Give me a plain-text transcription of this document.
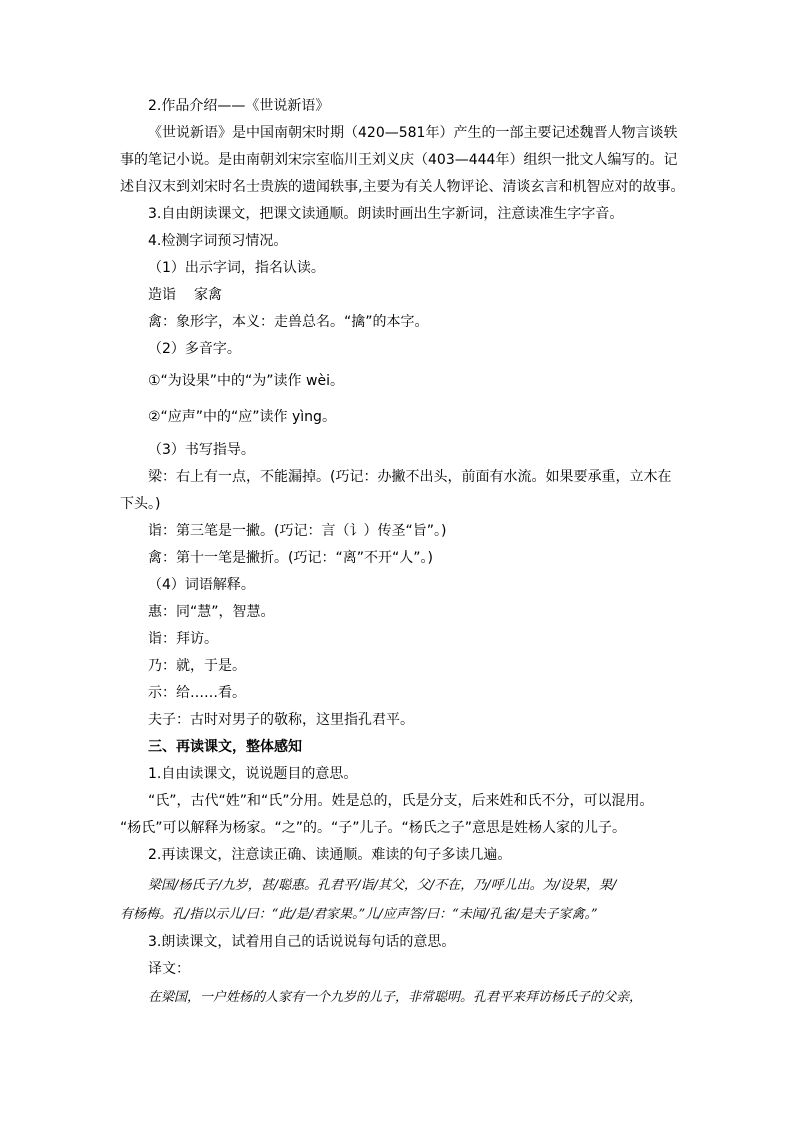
2.作品介绍——《世说新语》
《世说新语》是中国南朝宋时期（420—581年）产生的一部主要记述魏晋人物言谈轶
事的笔记小说。是由南朝刘宋宗室临川王刘义庆（403—444年）组织一批文人编写的。记
述自汉末到刘宋时名士贵族的遗闻轶事,主要为有关人物评论、清谈玄言和机智应对的故事。
3.自由朗读课文，把课文读通顺。朗读时画出生字新词，注意读准生字字音。
4.检测字词预习情况。
（1）出示字词，指名认读。
造诣 家禽
禽：象形字，本义：走兽总名。“擒”的本字。
（2）多音字。
①“为设果”中的“为”读作 wèi。
②“应声”中的“应”读作 yìng。
（3）书写指导。
梁：右上有一点，不能漏掉。(巧记：办撇不出头，前面有水流。如果要承重，立木在
下头。)
诣：第三笔是一撇。(巧记：言（讠）传圣“旨”。)
禽：第十一笔是撇折。(巧记：“离”不开“人”。)
（4）词语解释。
惠：同“慧”，智慧。
诣：拜访。
乃：就，于是。
示：给……看。
夫子：古时对男子的敬称，这里指孔君平。
三、再读课文，整体感知
1.自由读课文，说说题目的意思。
“氏”，古代“姓”和“氏”分用。姓是总的，氏是分支，后来姓和氏不分，可以混用。
“杨氏”可以解释为杨家。“之”的。“子”儿子。“杨氏之子”意思是姓杨人家的儿子。
2.再读课文，注意读正确、读通顺。难读的句子多读几遍。
梁国/杨氏子/九岁，甚/聪惠。孔君平/诣/其父，父/不在，乃/呼儿出。为/设果，果/
有杨梅。孔/指以示儿/曰：“此/是/君家果。”儿/应声答/曰：“未闻/孔雀/是夫子家禽。”
3.朗读课文，试着用自己的话说说每句话的意思。
译文：
在梁国，一户姓杨的人家有一个九岁的儿子，非常聪明。孔君平来拜访杨氏子的父亲，
